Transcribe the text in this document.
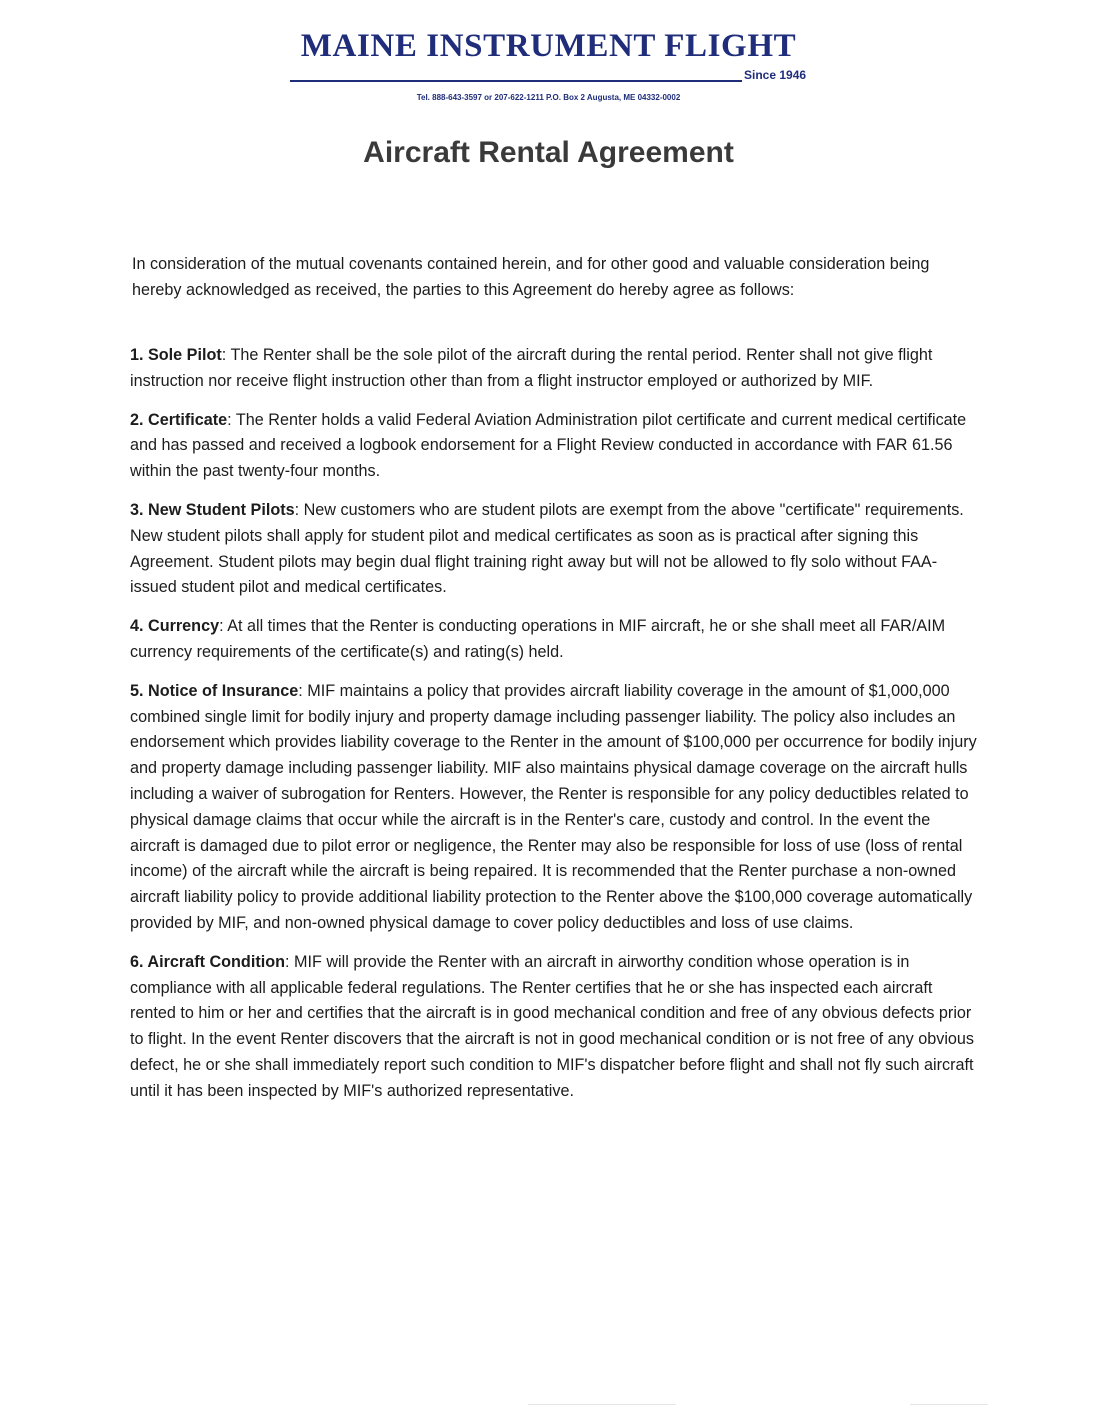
MAINE INSTRUMENT FLIGHT
Since 1946
Tel. 888-643-3597 or 207-622-1211 P.O. Box 2 Augusta, ME 04332-0002
Aircraft Rental Agreement
In consideration of the mutual covenants contained herein, and for other good and valuable consideration being hereby acknowledged as received, the parties to this Agreement do hereby agree as follows:

1. Sole Pilot: The Renter shall be the sole pilot of the aircraft during the rental period. Renter shall not give flight instruction nor receive flight instruction other than from a flight instructor employed or authorized by MIF.

2. Certificate: The Renter holds a valid Federal Aviation Administration pilot certificate and current medical certificate and has passed and received a logbook endorsement for a Flight Review conducted in accordance with FAR 61.56 within the past twenty-four months.

3. New Student Pilots: New customers who are student pilots are exempt from the above "certificate" requirements. New student pilots shall apply for student pilot and medical certificates as soon as is practical after signing this Agreement. Student pilots may begin dual flight training right away but will not be allowed to fly solo without FAA-issued student pilot and medical certificates.

4. Currency: At all times that the Renter is conducting operations in MIF aircraft, he or she shall meet all FAR/AIM currency requirements of the certificate(s) and rating(s) held.

5. Notice of Insurance: MIF maintains a policy that provides aircraft liability coverage in the amount of $1,000,000 combined single limit for bodily injury and property damage including passenger liability. The policy also includes an endorsement which provides liability coverage to the Renter in the amount of $100,000 per occurrence for bodily injury and property damage including passenger liability. MIF also maintains physical damage coverage on the aircraft hulls including a waiver of subrogation for Renters. However, the Renter is responsible for any policy deductibles related to physical damage claims that occur while the aircraft is in the Renter's care, custody and control. In the event the aircraft is damaged due to pilot error or negligence, the Renter may also be responsible for loss of use (loss of rental income) of the aircraft while the aircraft is being repaired. It is recommended that the Renter purchase a non-owned aircraft liability policy to provide additional liability protection to the Renter above the $100,000 coverage automatically provided by MIF, and non-owned physical damage to cover policy deductibles and loss of use claims.

6. Aircraft Condition: MIF will provide the Renter with an aircraft in airworthy condition whose operation is in compliance with all applicable federal regulations. The Renter certifies that he or she has inspected each aircraft rented to him or her and certifies that the aircraft is in good mechanical condition and free of any obvious defects prior to flight. In the event Renter discovers that the aircraft is not in good mechanical condition or is not free of any obvious defect, he or she shall immediately report such condition to MIF's dispatcher before flight and shall not fly such aircraft until it has been inspected by MIF's authorized representative.
